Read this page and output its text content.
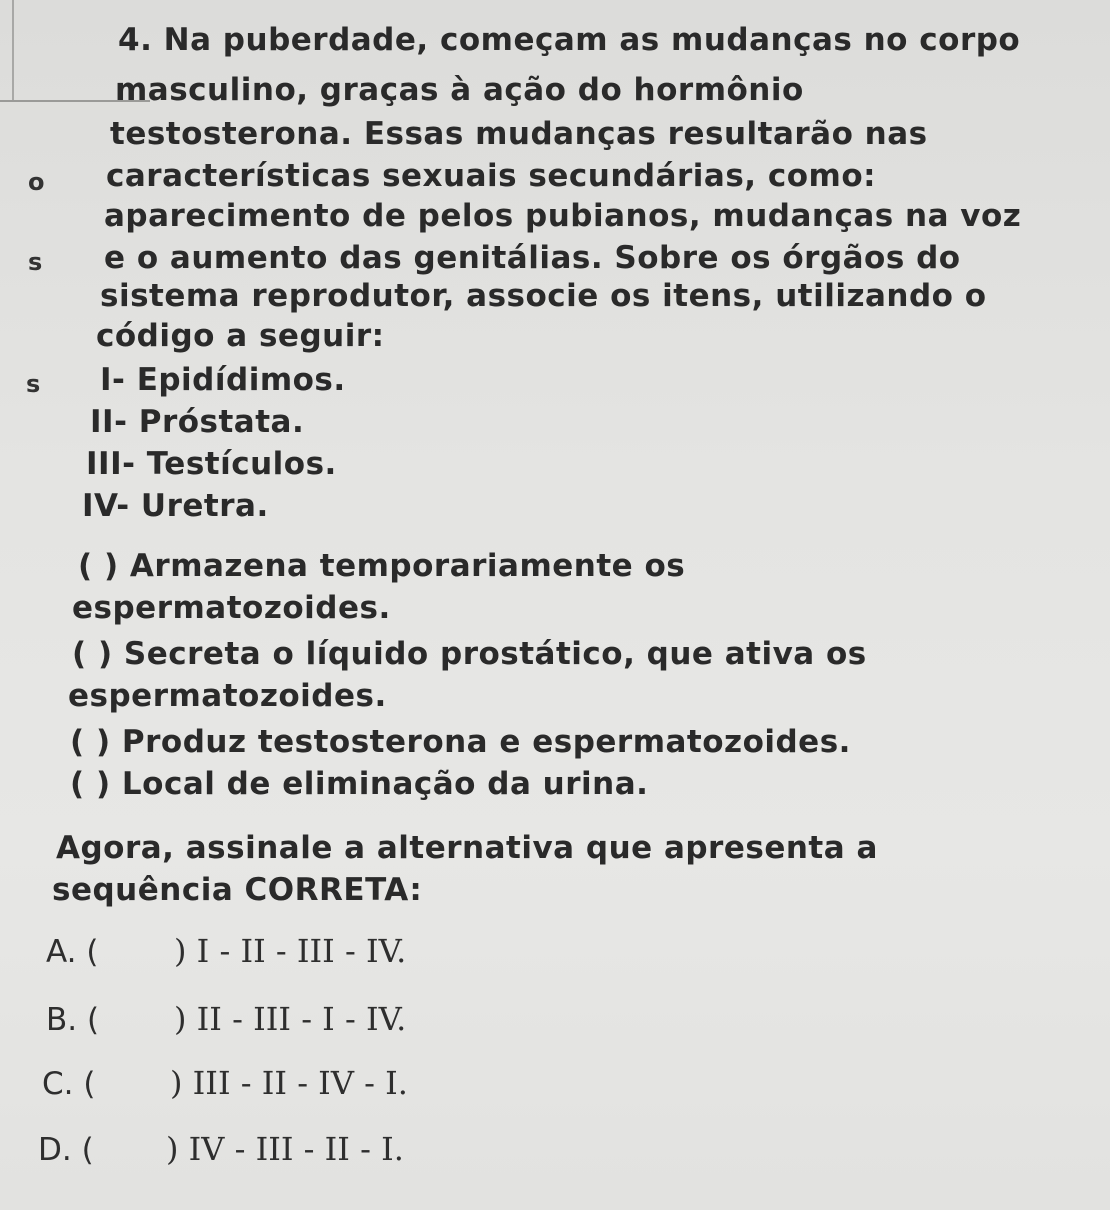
o
s
s
4. Na puberdade, começam as mudanças no corpo
masculino, graças à ação do hormônio
testosterona. Essas mudanças resultarão nas
características sexuais secundárias, como:
aparecimento de pelos pubianos, mudanças na voz
e o aumento das genitálias. Sobre os órgãos do
sistema reprodutor, associe os itens, utilizando o
código a seguir:
I- Epidídimos.
II- Próstata.
III- Testículos.
IV- Uretra.
( ) Armazena temporariamente os
espermatozoides.
( ) Secreta o líquido prostático, que ativa os
espermatozoides.
( ) Produz testosterona e espermatozoides.
( ) Local de eliminação da urina.
Agora, assinale a alternativa que apresenta a
sequência CORRETA:
A. ( ) I - II - III - IV.
B. ( ) II - III - I - IV.
C. ( ) III - II - IV - I.
D. ( ) IV - III - II - I.
